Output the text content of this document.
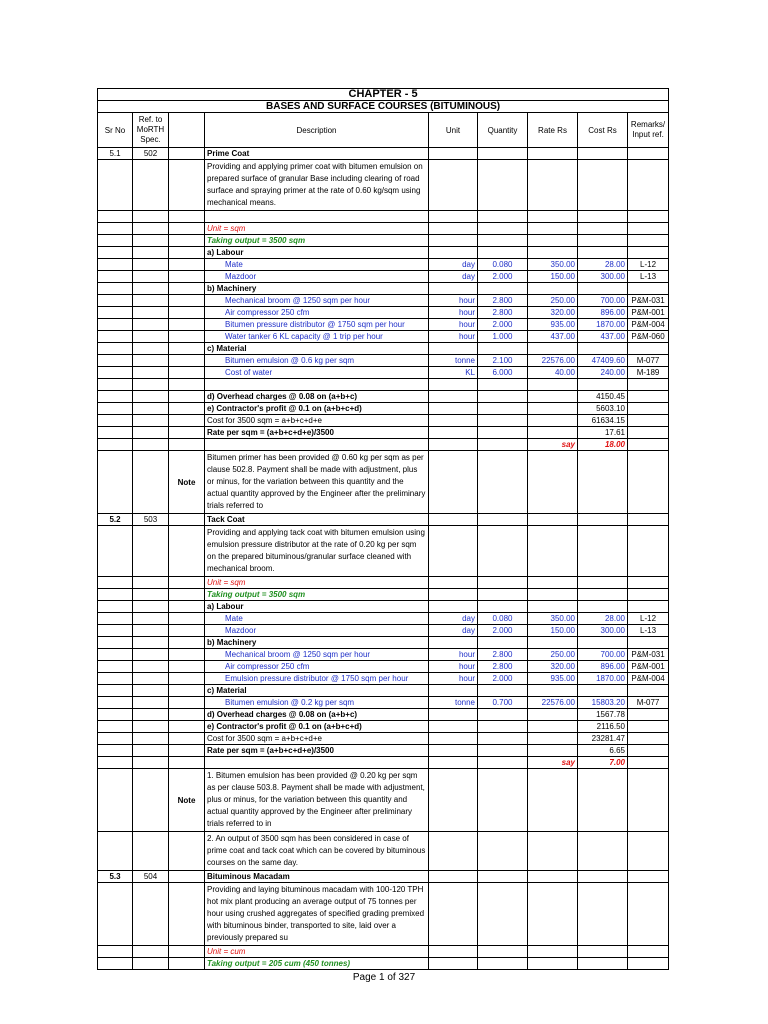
CHAPTER - 5								
BASES AND SURFACE COURSES (BITUMINOUS)								
Sr No	Ref. to MoRTH Spec.		Description	Unit	Quantity	Rate Rs	Cost Rs	Remarks/ Input ref.
5.1	502		Prime Coat					
			Providing and applying primer coat with bitumen emulsion on prepared surface of granular Base including clearing of road surface and spraying primer at the rate of 0.60 kg/sqm using mechanical means.					

			Unit = sqm					
			Taking output = 3500 sqm					
			a) Labour					
			Mate	day	0.080	350.00	28.00	L-12
			Mazdoor	day	2.000	150.00	300.00	L-13
			b) Machinery					
			Mechanical broom @ 1250 sqm per hour	hour	2.800	250.00	700.00	P&M-031
			Air compressor 250 cfm	hour	2.800	320.00	896.00	P&M-001
			Bitumen pressure distributor @ 1750 sqm per hour	hour	2.000	935.00	1870.00	P&M-004
			Water tanker 6 KL capacity @ 1 trip per hour	hour	1.000	437.00	437.00	P&M-060
			c) Material					
			Bitumen emulsion @ 0.6 kg per sqm	tonne	2.100	22576.00	47409.60	M-077
			Cost of water	KL	6.000	40.00	240.00	M-189

			d) Overhead charges @ 0.08 on (a+b+c)				4150.45	
			e) Contractor's profit @ 0.1 on (a+b+c+d)				5603.10	
			Cost for 3500 sqm = a+b+c+d+e				61634.15	
			Rate per sqm = (a+b+c+d+e)/3500				17.61	
						say	18.00	
		Note	Bitumen primer has been provided @ 0.60 kg per sqm as per clause 502.8. Payment shall be made with adjustment, plus or minus, for the variation between this quantity and the actual quantity approved by the Engineer after the preliminary trials referred to					
5.2	503		Tack Coat					
			Providing and applying tack coat with bitumen emulsion using emulsion pressure distributor at the rate of 0.20 kg per sqm on the prepared bituminous/granular surface cleaned with mechanical broom.					
			Unit = sqm					
			Taking output = 3500 sqm					
			a) Labour					
			Mate	day	0.080	350.00	28.00	L-12
			Mazdoor	day	2.000	150.00	300.00	L-13
			b) Machinery					
			Mechanical broom @ 1250 sqm per hour	hour	2.800	250.00	700.00	P&M-031
			Air compressor 250 cfm	hour	2.800	320.00	896.00	P&M-001
			Emulsion pressure distributor @ 1750 sqm per hour	hour	2.000	935.00	1870.00	P&M-004
			c) Material					
			Bitumen emulsion @ 0.2 kg per sqm	tonne	0.700	22576.00	15803.20	M-077
			d) Overhead charges @ 0.08 on (a+b+c)				1567.78	
			e) Contractor's profit @ 0.1 on (a+b+c+d)				2116.50	
			Cost for 3500 sqm = a+b+c+d+e				23281.47	
			Rate per sqm = (a+b+c+d+e)/3500				6.65	
						say	7.00	
		Note	1. Bitumen emulsion has been provided @ 0.20 kg per sqm as per clause 503.8. Payment shall be made with adjustment, plus or minus, for the variation between this quantity and actual quantity approved by the Engineer after preliminary trials referred to in					
			2. An output of 3500 sqm has been considered in case of prime coat and tack coat which can be covered by bituminous courses on the same day.					
5.3	504		Bituminous Macadam					
			Providing and laying bituminous macadam with 100-120 TPH hot mix plant producing an average output of 75 tonnes per hour using crushed aggregates of specified grading premixed with bituminous binder, transported to site, laid over a previously prepared su					
			Unit = cum					
			Taking output = 205 cum (450 tonnes)					
Page 1 of 327
